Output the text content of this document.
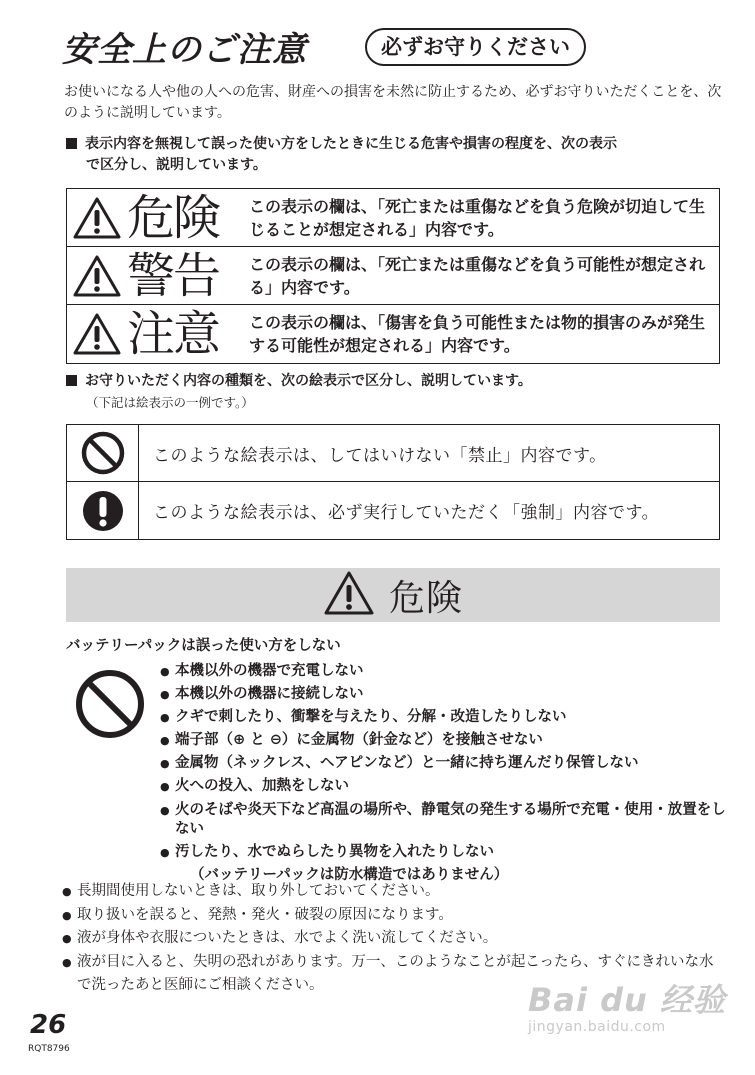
安全上のご注意	必ずお守りください
お使いになる人や他の人への危害、財産への損害を未然に防止するため、必ずお守りいただくことを、次のように説明しています。
表示内容を無視して誤った使い方をしたときに生じる危害や損害の程度を、次の表示
で区分し、説明しています。
危険	この表示の欄は、「死亡または重傷などを負う危険が切迫して生じることが想定される」内容です。
警告	この表示の欄は、「死亡または重傷などを負う可能性が想定される」内容です。
注意	この表示の欄は、「傷害を負う可能性または物的損害のみが発生する可能性が想定される」内容です。
お守りいただく内容の種類を、次の絵表示で区分し、説明しています。
（下記は絵表示の一例です。）
このような絵表示は、してはいけない「禁止」内容です。
このような絵表示は、必ず実行していただく「強制」内容です。
危険
バッテリーパックは誤った使い方をしない
● 本機以外の機器で充電しない
● 本機以外の機器に接続しない
● クギで刺したり、衝撃を与えたり、分解・改造したりしない
● 端子部（⊕ と ⊖）に金属物（針金など）を接触させない
● 金属物（ネックレス、ヘアピンなど）と一緒に持ち運んだり保管しない
● 火への投入、加熱をしない
● 火のそばや炎天下など高温の場所や、静電気の発生する場所で充電・使用・放置をしない
● 汚したり、水でぬらしたり異物を入れたりしない
（バッテリーパックは防水構造ではありません）
● 長期間使用しないときは、取り外しておいてください。
● 取り扱いを誤ると、発熱・発火・破裂の原因になります。
● 液が身体や衣服についたときは、水でよく洗い流してください。
● 液が目に入ると、失明の恐れがあります。万一、このようなことが起こったら、すぐにきれいな水で洗ったあと医師にご相談ください。
26
RQT8796
Bai du 经验
jingyan.baidu.com
